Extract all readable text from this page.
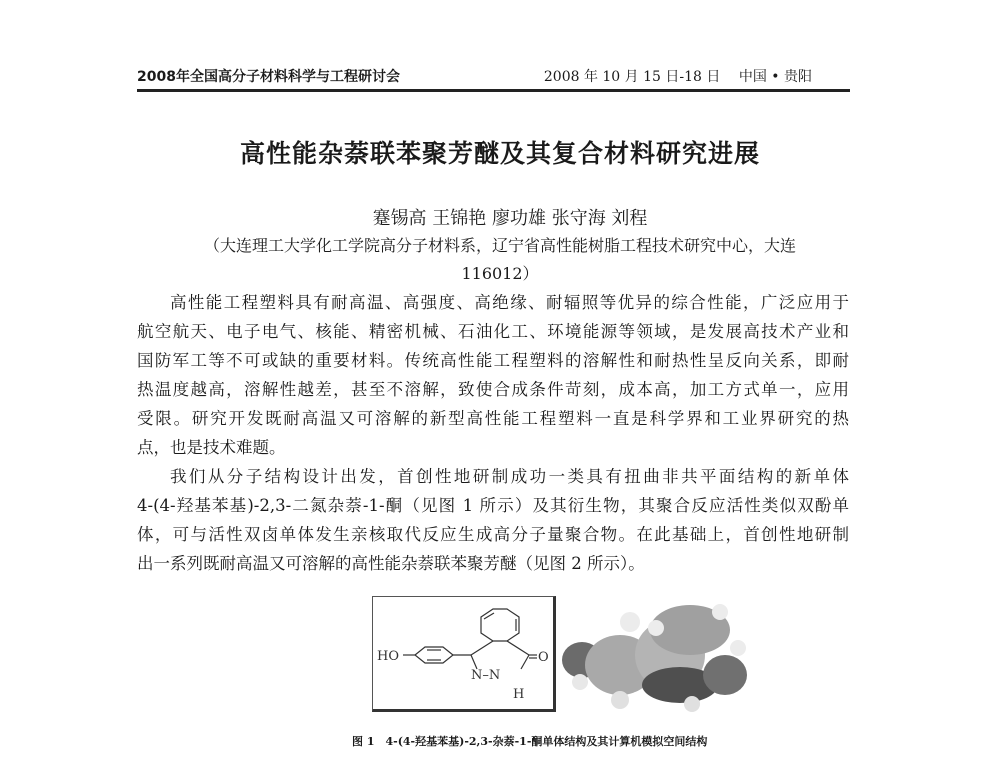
2008年全国高分子材料科学与工程研讨会	2008 年 10 月 15 日-18 日　 中国 • 贵阳
高性能杂萘联苯聚芳醚及其复合材料研究进展
蹇锡高 王锦艳 廖功雄 张守海 刘程
（大连理工大学化工学院高分子材料系，辽宁省高性能树脂工程技术研究中心，大连
116012）
高性能工程塑料具有耐高温、高强度、高绝缘、耐辐照等优异的综合性能，广泛应用于
航空航天、电子电气、核能、精密机械、石油化工、环境能源等领域，是发展高技术产业和
国防军工等不可或缺的重要材料。传统高性能工程塑料的溶解性和耐热性呈反向关系，即耐
热温度越高，溶解性越差，甚至不溶解，致使合成条件苛刻，成本高，加工方式单一，应用
受限。研究开发既耐高温又可溶解的新型高性能工程塑料一直是科学界和工业界研究的热
点，也是技术难题。
我们从分子结构设计出发，首创性地研制成功一类具有扭曲非共平面结构的新单体
4-(4-羟基苯基)-2,3-二氮杂萘-1-酮（见图 1 所示）及其衍生物，其聚合反应活性类似双酚单
体，可与活性双卤单体发生亲核取代反应生成高分子量聚合物。在此基础上，首创性地研制
出一系列既耐高温又可溶解的高性能杂萘联苯聚芳醚（见图 2 所示）。
HO	O
N–N
H
图 1　4-(4-羟基苯基)-2,3-杂萘-1-酮单体结构及其计算机模拟空间结构
